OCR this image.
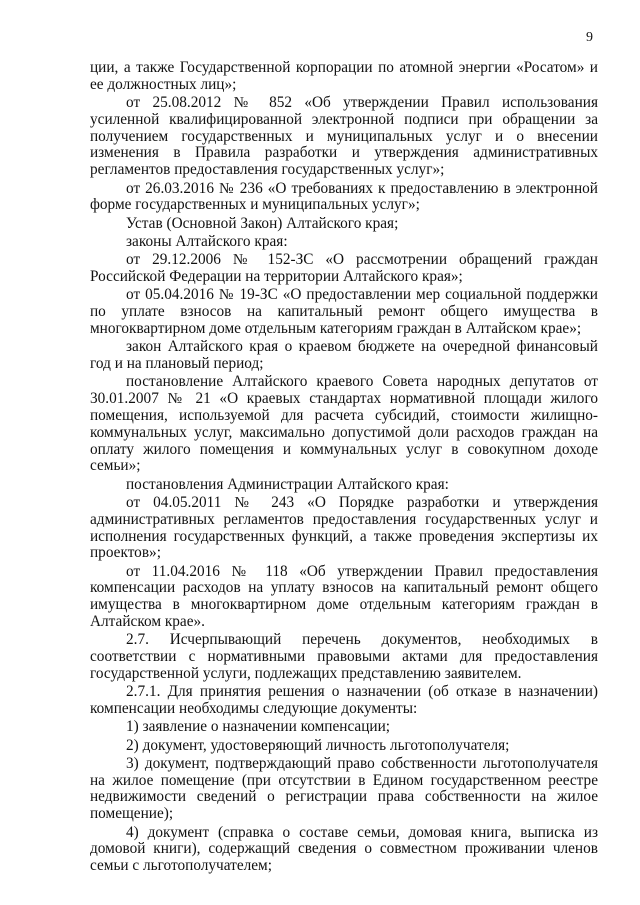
9

ции, а также Государственной корпорации по атомной энергии «Росатом» и ее должностных лиц»;

от 25.08.2012 № 852 «Об утверждении Правил использования усиленной квалифицированной электронной подписи при обращении за получением государственных и муниципальных услуг и о внесении изменения в Правила разработки и утверждения административных регламентов предоставления государственных услуг»;

от 26.03.2016 № 236 «О требованиях к предоставлению в электронной форме государственных и муниципальных услуг»;

Устав (Основной Закон) Алтайского края;

законы Алтайского края:

от 29.12.2006 № 152-ЗС «О рассмотрении обращений граждан Российской Федерации на территории Алтайского края»;

от 05.04.2016 № 19-ЗС «О предоставлении мер социальной поддержки по уплате взносов на капитальный ремонт общего имущества в многоквартирном доме отдельным категориям граждан в Алтайском крае»;

закон Алтайского края о краевом бюджете на очередной финансовый год и на плановый период;

постановление Алтайского краевого Совета народных депутатов от 30.01.2007 № 21 «О краевых стандартах нормативной площади жилого помещения, используемой для расчета субсидий, стоимости жилищно-коммунальных услуг, максимально допустимой доли расходов граждан на оплату жилого помещения и коммунальных услуг в совокупном доходе семьи»;

постановления Администрации Алтайского края:

от 04.05.2011 № 243 «О Порядке разработки и утверждения административных регламентов предоставления государственных услуг и исполнения государственных функций, а также проведения экспертизы их проектов»;

от 11.04.2016 № 118 «Об утверждении Правил предоставления компенсации расходов на уплату взносов на капитальный ремонт общего имущества в многоквартирном доме отдельным категориям граждан в Алтайском крае».

2.7. Исчерпывающий перечень документов, необходимых в соответствии с нормативными правовыми актами для предоставления государственной услуги, подлежащих представлению заявителем.

2.7.1. Для принятия решения о назначении (об отказе в назначении) компенсации необходимы следующие документы:

1) заявление о назначении компенсации;

2) документ, удостоверяющий личность льготополучателя;

3) документ, подтверждающий право собственности льготополучателя на жилое помещение (при отсутствии в Едином государственном реестре недвижимости сведений о регистрации права собственности на жилое помещение);

4) документ (справка о составе семьи, домовая книга, выписка из домовой книги), содержащий сведения о совместном проживании членов семьи с льготополучателем;
